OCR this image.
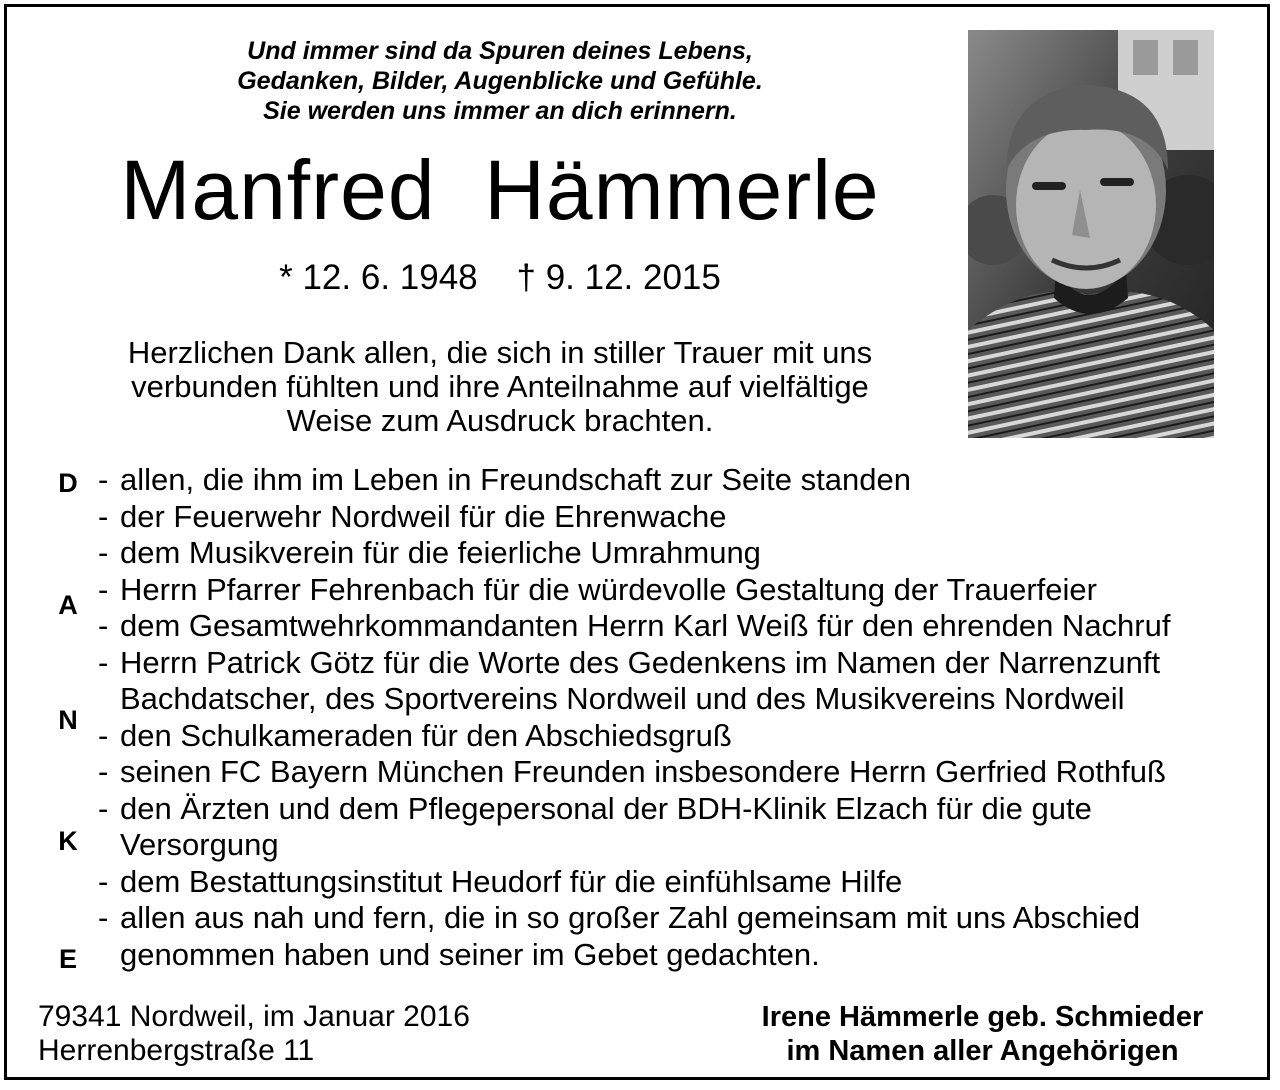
Und immer sind da Spuren deines Lebens,
Gedanken, Bilder, Augenblicke und Gefühle.
Sie werden uns immer an dich erinnern.
Manfred  Hämmerle
* 12. 6. 1948    † 9. 12. 2015
Herzlichen Dank allen, die sich in stiller Trauer mit uns
verbunden fühlten und ihre Anteilnahme auf vielfältige
Weise zum Ausdruck brachten.
D
A
N
K
E
- allen, die ihm im Leben in Freundschaft zur Seite standen
- der Feuerwehr Nordweil für die Ehrenwache
- dem Musikverein für die feierliche Umrahmung
- Herrn Pfarrer Fehrenbach für die würdevolle Gestaltung der Trauerfeier
- dem Gesamtwehrkommandanten Herrn Karl Weiß für den ehrenden Nachruf
- Herrn Patrick Götz für die Worte des Gedenkens im Namen der Narrenzunft
Bachdatscher, des Sportvereins Nordweil und des Musikvereins Nordweil
- den Schulkameraden für den Abschiedsgruß
- seinen FC Bayern München Freunden insbesondere Herrn Gerfried Rothfuß
- den Ärzten und dem Pflegepersonal der BDH-Klinik Elzach für die gute
Versorgung
- dem Bestattungsinstitut Heudorf für die einfühlsame Hilfe
- allen aus nah und fern, die in so großer Zahl gemeinsam mit uns Abschied
genommen haben und seiner im Gebet gedachten.
79341 Nordweil, im Januar 2016
Herrenbergstraße 11
Irene Hämmerle geb. Schmieder
im Namen aller Angehörigen
